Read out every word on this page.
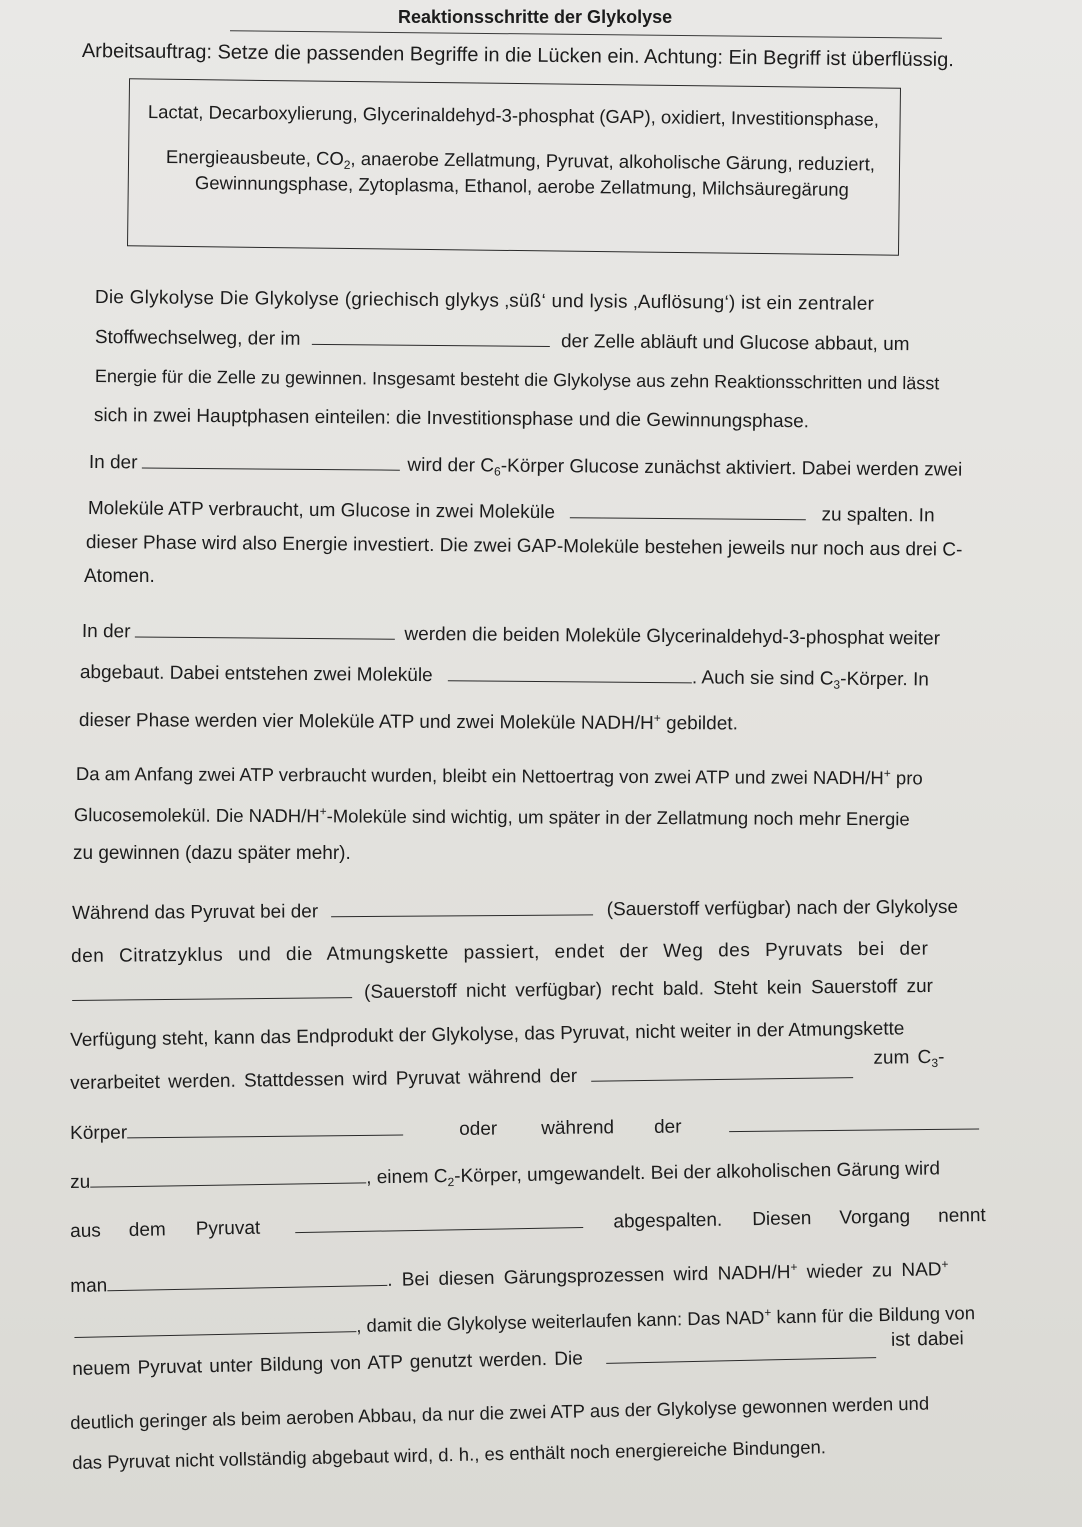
Reaktionsschritte der Glykolyse
Arbeitsauftrag: Setze die passenden Begriffe in die Lücken ein. Achtung: Ein Begriff ist überflüssig.
Lactat, Decarboxylierung, Glycerinaldehyd-3-phosphat (GAP), oxidiert, Investitionsphase,
Energieausbeute, $CO_2$, anaerobe Zellatmung, Pyruvat, alkoholische Gärung, reduziert,
Gewinnungsphase, Zytoplasma, Ethanol, aerobe Zellatmung, Milchsäuregärung
Die Glykolyse Die Glykolyse (griechisch glykys ‚süß‘ und lysis ‚Auflösung‘) ist ein zentraler
Stoffwechselweg, der im	der Zelle abläuft und Glucose abbaut, um
Energie für die Zelle zu gewinnen. Insgesamt besteht die Glykolyse aus zehn Reaktionsschritten und lässt
sich in zwei Hauptphasen einteilen: die Investitionsphase und die Gewinnungsphase.
In der	wird der $C_6$-Körper Glucose zunächst aktiviert. Dabei werden zwei
Moleküle ATP verbraucht, um Glucose in zwei Moleküle	zu spalten. In
dieser Phase wird also Energie investiert. Die zwei GAP-Moleküle bestehen jeweils nur noch aus drei C-
Atomen.
In der	werden die beiden Moleküle Glycerinaldehyd-3-phosphat weiter
abgebaut. Dabei entstehen zwei Moleküle	. Auch sie sind $C_3$-Körper. In
dieser Phase werden vier Moleküle ATP und zwei Moleküle NADH/H+ gebildet.
Da am Anfang zwei ATP verbraucht wurden, bleibt ein Nettoertrag von zwei ATP und zwei NADH/H+ pro
Glucosemolekül. Die NADH/H+-Moleküle sind wichtig, um später in der Zellatmung noch mehr Energie
zu gewinnen (dazu später mehr).
Während das Pyruvat bei der	(Sauerstoff verfügbar) nach der Glykolyse
den Citratzyklus und die Atmungskette passiert, endet der Weg des Pyruvats bei der
(Sauerstoff nicht verfügbar) recht bald. Steht kein Sauerstoff zur
Verfügung steht, kann das Endprodukt der Glykolyse, das Pyruvat, nicht weiter in der Atmungskette
verarbeitet werden. Stattdessen wird Pyruvat während der  zum $C_3-$
Körper	oder während der
zu	, einem $C_2$-Körper, umgewandelt. Bei der alkoholischen Gärung wird
aus dem Pyruvat	abgespalten. Diesen Vorgang nennt
man	. Bei diesen Gärungsprozessen wird NADH/H+ wieder zu NAD+
, damit die Glykolyse weiterlaufen kann: Das NAD+ kann für die Bildung von
neuem Pyruvat unter Bildung von ATP genutzt werden. Die  ist dabei
deutlich geringer als beim aeroben Abbau, da nur die zwei ATP aus der Glykolyse gewonnen werden und
das Pyruvat nicht vollständig abgebaut wird, d. h., es enthält noch energiereiche Bindungen.
